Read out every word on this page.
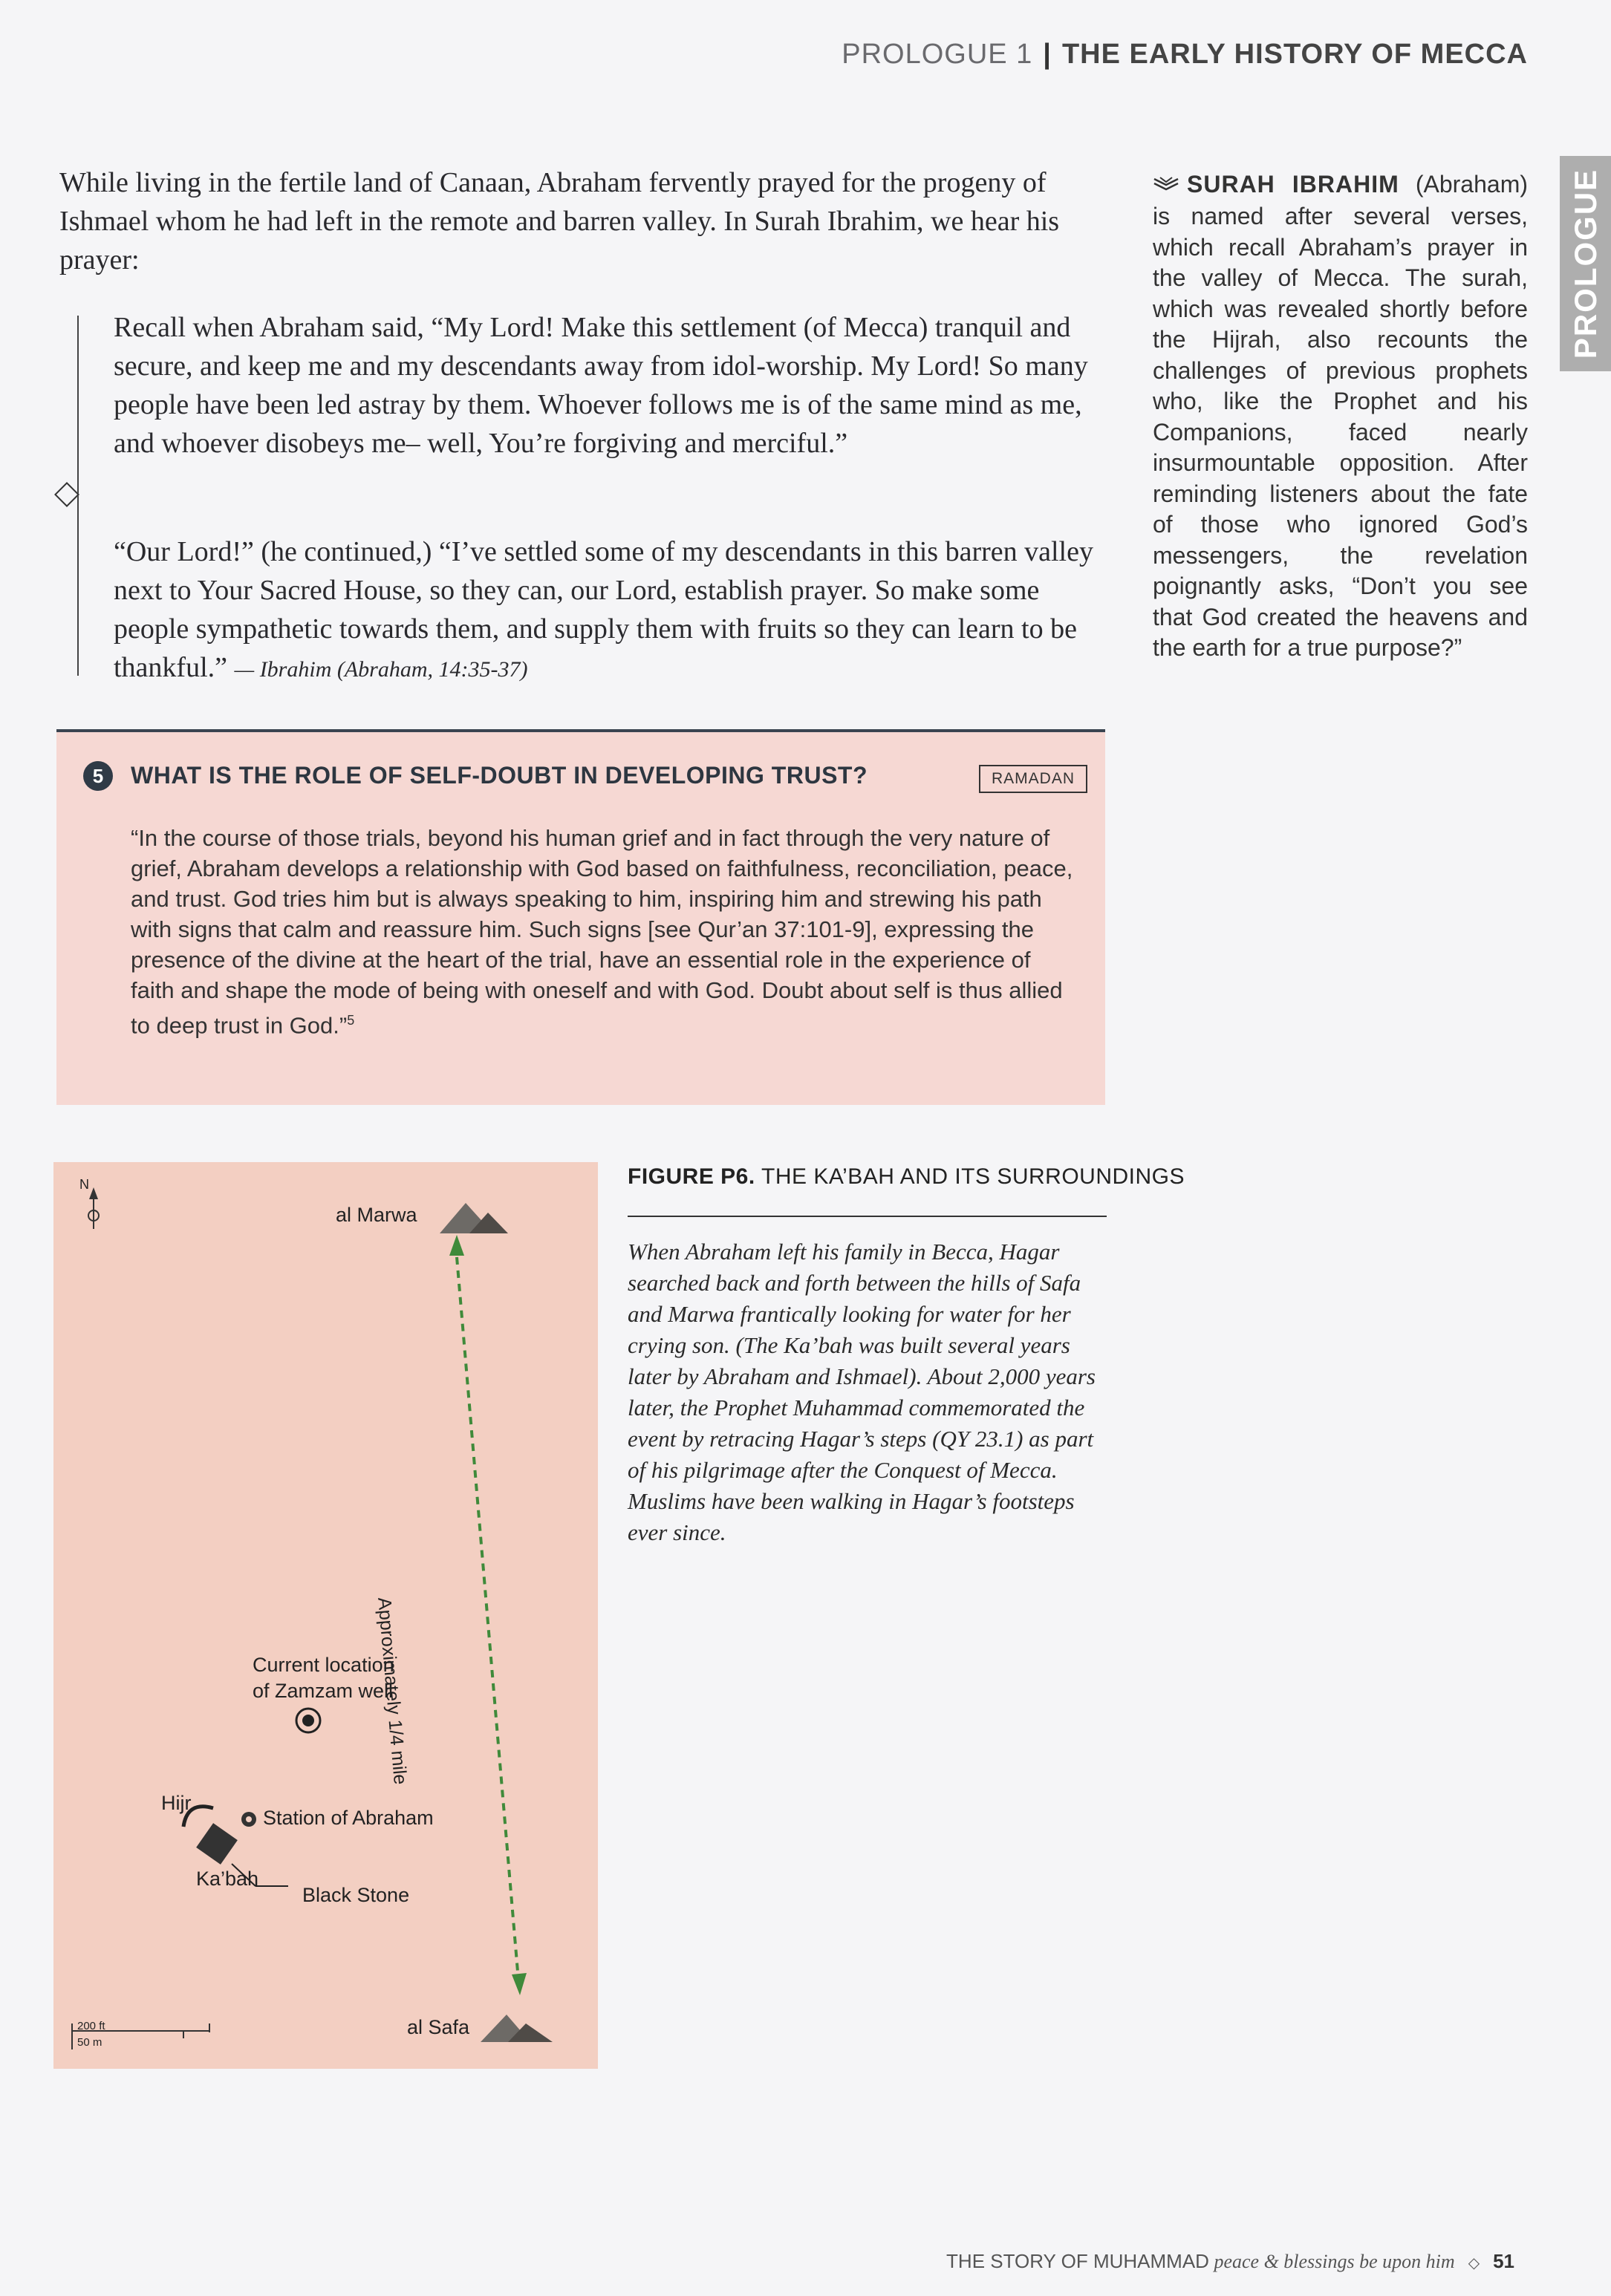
PROLOGUE 1 | THE EARLY HISTORY OF MECCA
PROLOGUE
While living in the fertile land of Canaan, Abraham fervently prayed for the progeny of Ishmael whom he had left in the remote and barren valley. In Surah Ibrahim, we hear his prayer:
Recall when Abraham said, “My Lord! Make this settlement (of Mecca) tranquil and secure, and keep me and my descendants away from idol-worship. My Lord! So many people have been led astray by them. Whoever follows me is of the same mind as me, and whoever disobeys me– well, You’re forgiving and merciful.”
“Our Lord!” (he continued,) “I’ve settled some of my descendants in this barren valley next to Your Sacred House, so they can, our Lord, establish prayer. So make some people sympathetic towards them, and supply them with fruits so they can learn to be thankful.” — Ibrahim (Abraham, 14:35-37)
SURAH IBRAHIM (Abraham) is named after several verses, which recall Abraham’s prayer in the valley of Mecca. The surah, which was revealed shortly before the Hijrah, also recounts the challenges of previous prophets who, like the Prophet and his Companions, faced nearly insurmountable opposition. After reminding listeners about the fate of those who ignored God’s messengers, the revelation poignantly asks, “Don’t you see that God created the heavens and the earth for a true purpose?”
5	WHAT IS THE ROLE OF SELF-DOUBT IN DEVELOPING TRUST?	RAMADAN
“In the course of those trials, beyond his human grief and in fact through the very nature of grief, Abraham develops a relationship with God based on faithfulness, reconciliation, peace, and trust. God tries him but is always speaking to him, inspiring him and strewing his path with signs that calm and reassure him. Such signs [see Qur’an 37:101-9], expressing the presence of the divine at the heart of the trial, have an essential role in the experience of faith and shape the mode of being with oneself and with God. Doubt about self is thus allied to deep trust in God.”$^5$
N
al Marwa
al Safa
Current location
of Zamzam well
Hijr
Station of Abraham
Ka’bah
Black Stone
Approximately 1/4 mile
200 ft
50 m
FIGURE P6. THE KA’BAH AND ITS SURROUNDINGS
When Abraham left his family in Becca, Hagar searched back and forth between the hills of Safa and Marwa frantically looking for water for her crying son. (The Ka’bah was built several years later by Abraham and Ishmael). About 2,000 years later, the Prophet Muhammad commemorated the event by retracing Hagar’s steps (QY 23.1) as part of his pilgrimage after the Conquest of Mecca. Muslims have been walking in Hagar’s footsteps ever since.
THE STORY OF MUHAMMAD peace & blessings be upon him ◇ 51
